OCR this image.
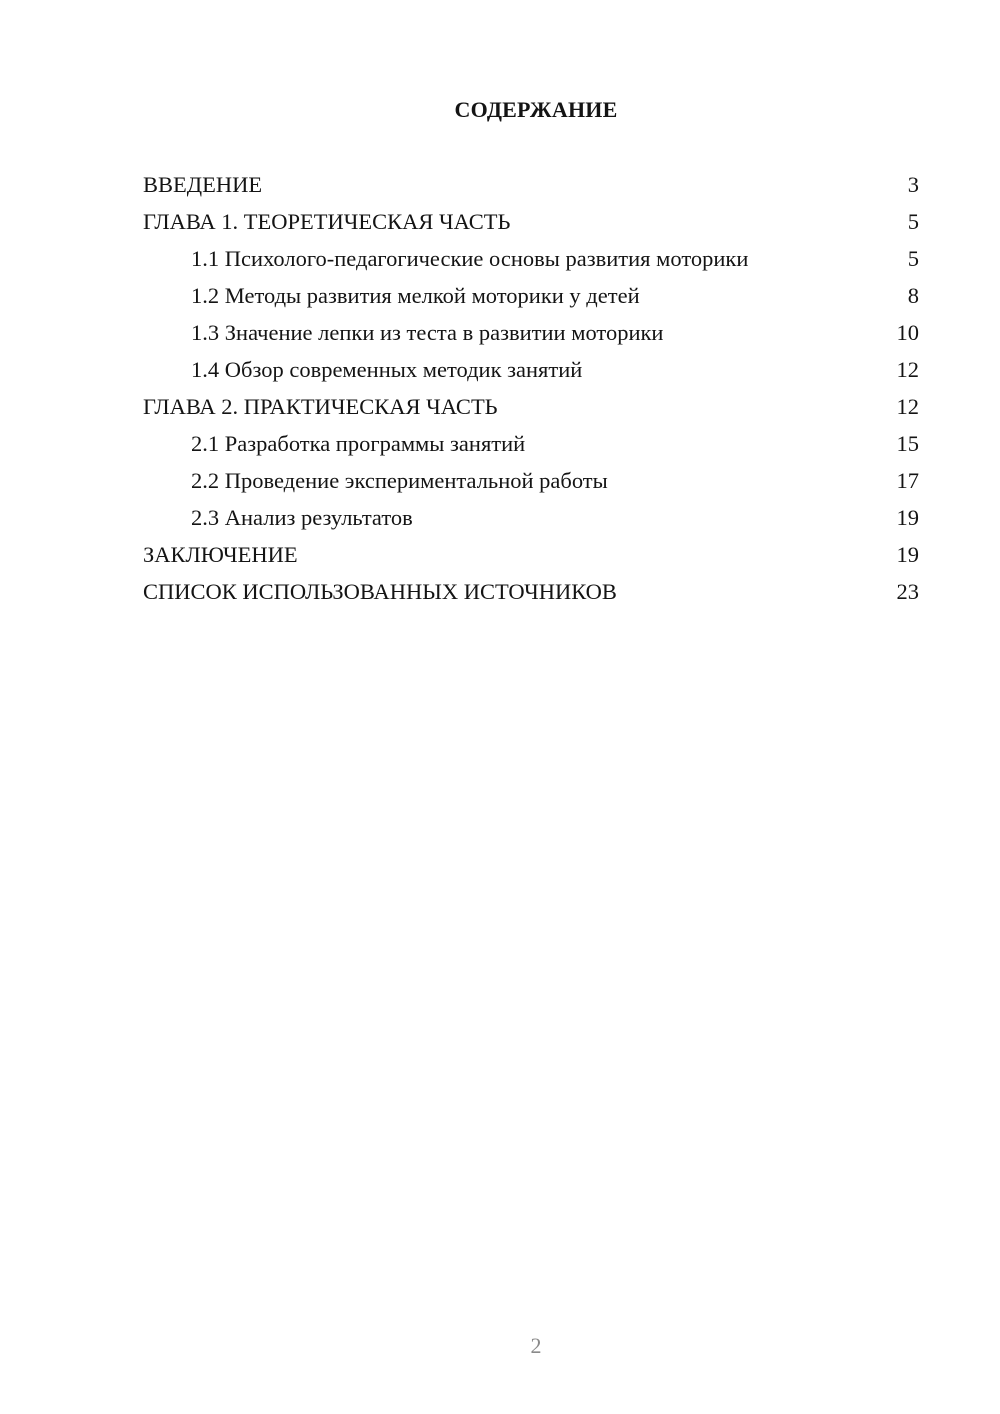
СОДЕРЖАНИЕ
ВВЕДЕНИЕ	3
ГЛАВА 1. ТЕОРЕТИЧЕСКАЯ ЧАСТЬ	5
1.1 Психолого-педагогические основы развития моторики	5
1.2 Методы развития мелкой моторики у детей	8
1.3 Значение лепки из теста в развитии моторики	10
1.4 Обзор современных методик занятий	12
ГЛАВА 2. ПРАКТИЧЕСКАЯ ЧАСТЬ	12
2.1 Разработка программы занятий	15
2.2 Проведение экспериментальной работы	17
2.3 Анализ результатов	19
ЗАКЛЮЧЕНИЕ	19
СПИСОК ИСПОЛЬЗОВАННЫХ ИСТОЧНИКОВ	23
2
